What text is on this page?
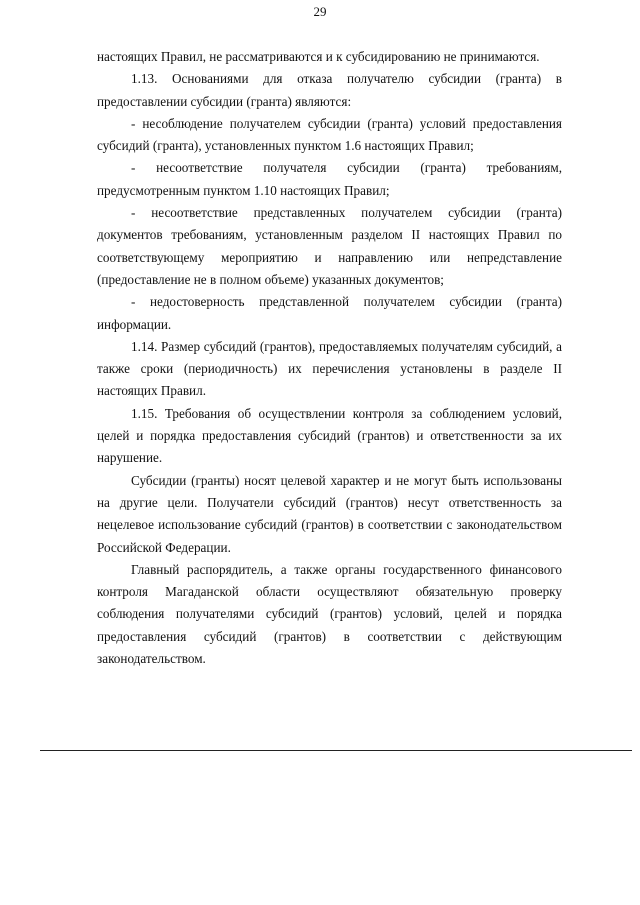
29

настоящих Правил, не рассматриваются и к субсидированию не принимаются.

1.13. Основаниями для отказа получателю субсидии (гранта) в предоставлении субсидии (гранта) являются:

- несоблюдение получателем субсидии (гранта) условий предоставления субсидий (гранта), установленных пунктом 1.6 настоящих Правил;

- несоответствие получателя субсидии (гранта) требованиям, предусмотренным пунктом 1.10 настоящих Правил;

- несоответствие представленных получателем субсидии (гранта) документов требованиям, установленным разделом II настоящих Правил по соответствующему мероприятию и направлению или непредставление (предоставление не в полном объеме) указанных документов;

- недостоверность представленной получателем субсидии (гранта) информации.

1.14. Размер субсидий (грантов), предоставляемых получателям субсидий, а также сроки (периодичность) их перечисления установлены в разделе II настоящих Правил.

1.15. Требования об осуществлении контроля за соблюдением условий, целей и порядка предоставления субсидий (грантов) и ответственности за их нарушение.

Субсидии (гранты) носят целевой характер и не могут быть использованы на другие цели. Получатели субсидий (грантов) несут ответственность за нецелевое использование субсидий (грантов) в соответствии с законодательством Российской Федерации.

Главный распорядитель, а также органы государственного финансового контроля Магаданской области осуществляют обязательную проверку соблюдения получателями субсидий (грантов) условий, целей и порядка предоставления субсидий (грантов) в соответствии с действующим законодательством.
